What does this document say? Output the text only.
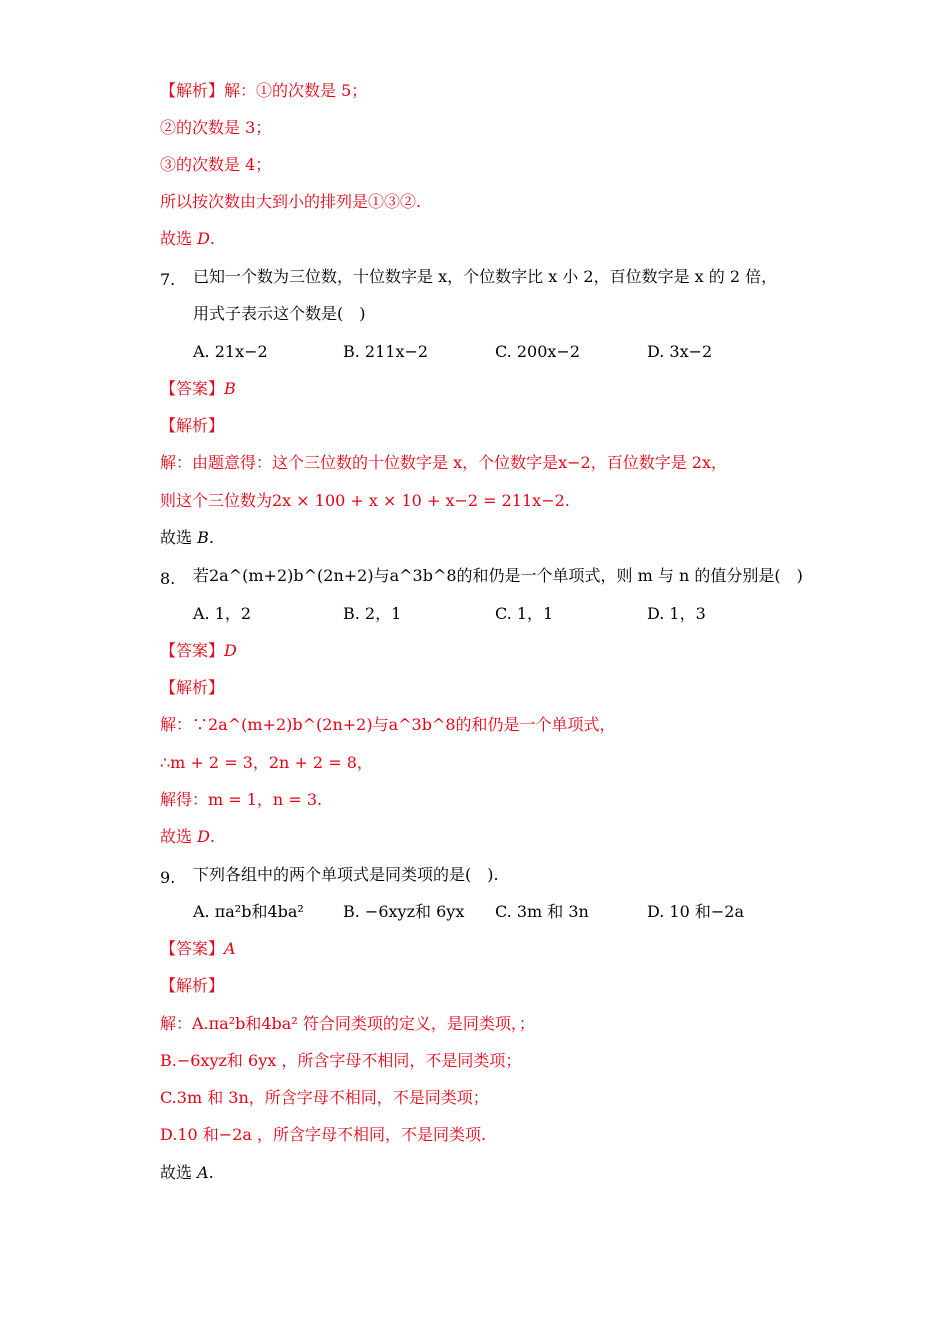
【解析】解：①的次数是 5；
②的次数是 3；
③的次数是 4；
所以按次数由大到小的排列是①③②.
故选 D.
7. 已知一个数为三位数，十位数字是 x，个位数字比 x 小 2，百位数字是 x 的 2 倍，
用式子表示这个数是(　)
A. 21x−2	B. 211x−2	C. 200x−2	D. 3x−2
【答案】B
【解析】
解：由题意得：这个三位数的十位数字是 x，个位数字是x−2，百位数字是 2x，
则这个三位数为2x × 100 + x × 10 + x−2 = 211x−2.
故选 B.
8. 若2a^(m+2)b^(2n+2)与a^3b^8的和仍是一个单项式，则 m 与 n 的值分别是(　)
A. 1，2	B. 2，1	C. 1，1	D. 1，3
【答案】D
【解析】
解：∵2a^(m+2)b^(2n+2)与a^3b^8的和仍是一个单项式，
∴m + 2 = 3，2n + 2 = 8，
解得：m = 1，n = 3.
故选 D.
9. 下列各组中的两个单项式是同类项的是(　).
A. πa²b和4ba² B. −6xyz和 6yx C. 3m 和 3n	D. 10 和−2a
【答案】A
【解析】
解：A.πa²b和4ba² 符合同类项的定义，是同类项，；
B.−6xyz和 6yx ，所含字母不相同，不是同类项；
C.3m 和 3n，所含字母不相同，不是同类项；
D.10 和−2a ，所含字母不相同，不是同类项.
故选 A.
